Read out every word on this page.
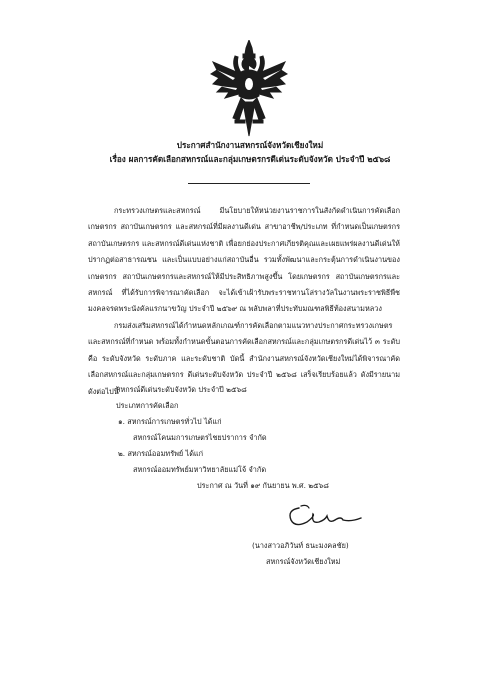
ประกาศสำนักงานสหกรณ์จังหวัดเชียงใหม่
เรื่อง ผลการคัดเลือกสหกรณ์และกลุ่มเกษตรกรดีเด่นระดับจังหวัด ประจำปี ๒๕๖๘
กระทรวงเกษตรและสหกรณ์ มีนโยบายให้หน่วยงานราชการในสังกัดดำเนินการคัดเลือกเกษตรกร สถาบันเกษตรกร และสหกรณ์ที่มีผลงานดีเด่น สาขาอาชีพ/ประเภท ที่กำหนดเป็นเกษตรกร สถาบันเกษตรกร และสหกรณ์ดีเด่นแห่งชาติ เพื่อยกย่องประกาศเกียรติคุณและเผยแพร่ผลงานดีเด่นให้ปรากฏต่อสาธารณชน และเป็นแบบอย่างแก่สถาบันอื่น รวมทั้งพัฒนาและกระตุ้นการดำเนินงานของเกษตรกร สถาบันเกษตรกรและสหกรณ์ให้มีประสิทธิภาพสูงขึ้น โดยเกษตรกร สถาบันเกษตรกรและสหกรณ์ ที่ได้รับการพิจารณาคัดเลือก จะได้เข้าเฝ้ารับพระราชทานโล่รางวัลในงานพระราชพิธีพืชมงคลจรดพระนังคัลแรกนาขวัญ ประจำปี ๒๕๖๙ ณ พลับพลาที่ประทับมณฑลพิธีท้องสนามหลวง
กรมส่งเสริมสหกรณ์ได้กำหนดหลักเกณฑ์การคัดเลือกตามแนวทางประกาศกระทรวงเกษตรและสหกรณ์ที่กำหนด พร้อมทั้งกำหนดขั้นตอนการคัดเลือกสหกรณ์และกลุ่มเกษตรกรดีเด่นไว้ ๓ ระดับ คือ ระดับจังหวัด ระดับภาค และระดับชาติ บัดนี้ สำนักงานสหกรณ์จังหวัดเชียงใหม่ได้พิจารณาคัดเลือกสหกรณ์และกลุ่มเกษตรกร ดีเด่นระดับจังหวัด ประจำปี ๒๕๖๘ เสร็จเรียบร้อยแล้ว ดังมีรายนามดังต่อไปนี้
สหกรณ์ดีเด่นระดับจังหวัด ประจำปี ๒๕๖๘
ประเภทการคัดเลือก
๑. สหกรณ์การเกษตรทั่วไป ได้แก่
สหกรณ์โคนมการเกษตรไชยปราการ จำกัด
๒. สหกรณ์ออมทรัพย์ ได้แก่
สหกรณ์ออมทรัพย์มหาวิทยาลัยแม่โจ้ จำกัด
ประกาศ ณ วันที่ ๑๙ กันยายน พ.ศ. ๒๕๖๘
(นางสาวอภิวันท์ ธนะมงคลชัย)
สหกรณ์จังหวัดเชียงใหม่
